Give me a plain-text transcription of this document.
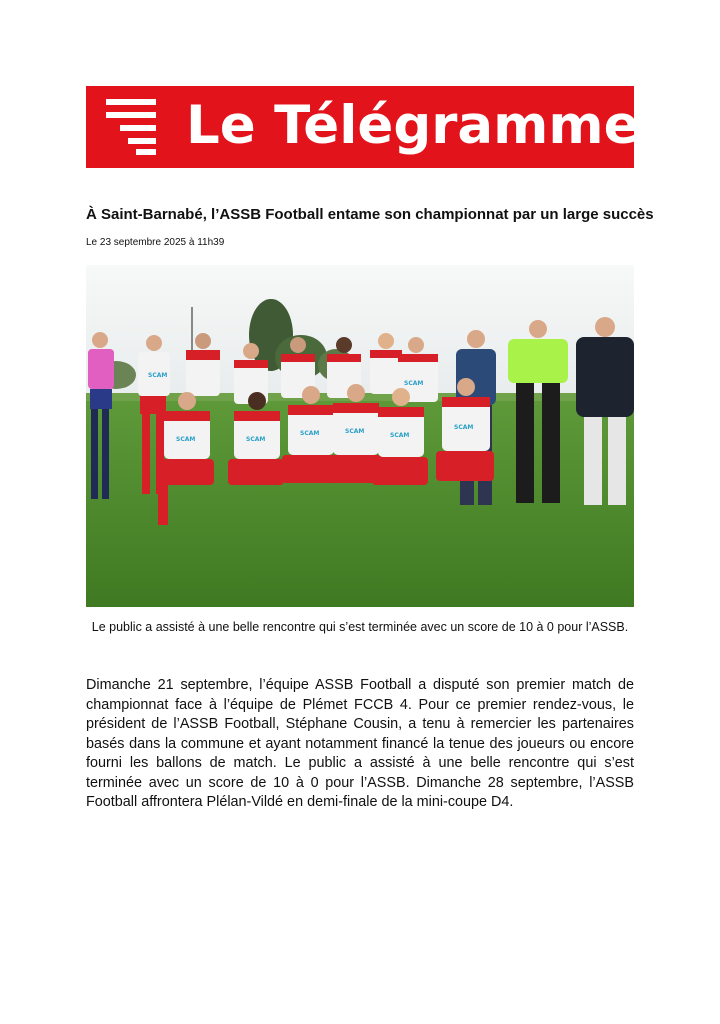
Le Télégramme
À Saint-Barnabé, l’ASSB Football entame son championnat par un large succès
Le 23 septembre 2025 à 11h39
SCAM
SCAM	SCAM
SCAM	SCAM
SCAM
SCAM
SCAM
Le public a assisté à une belle rencontre qui s’est terminée avec un score de 10 à 0 pour l’ASSB.
Dimanche 21 septembre, l’équipe ASSB Football a disputé son premier match de championnat face à l’équipe de Plémet FCCB 4. Pour ce premier rendez-vous, le président de l’ASSB Football, Stéphane Cousin, a tenu à remercier les partenaires basés dans la commune et ayant notamment financé la tenue des joueurs ou encore fourni les ballons de match. Le public a assisté à une belle rencontre qui s’est terminée avec un score de 10 à 0 pour l’ASSB. Dimanche 28 septembre, l’ASSB Football affrontera Plélan-Vildé en demi-finale de la mini-coupe D4.
